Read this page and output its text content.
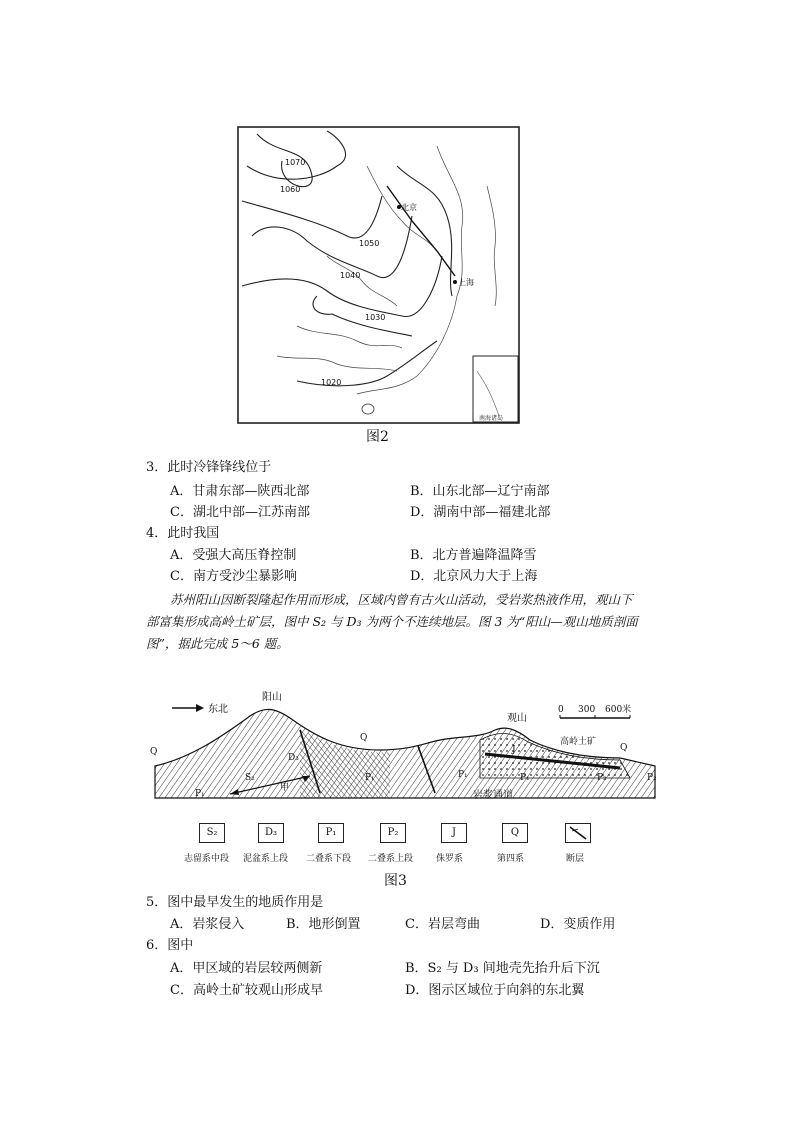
1070
1060
1050
1040
1030
1020
北京
上海
南海诸岛
图2
3．此时冷锋锋线位于
A．甘肃东部—陕西北部	B．山东北部—辽宁南部
C．湖北中部—江苏南部	D．湖南中部—福建北部
4．此时我国
A．受强大高压脊控制	B．北方普遍降温降雪
C．南方受沙尘暴影响	D．北京风力大于上海
苏州阳山因断裂隆起作用而形成，区域内曾有古火山活动，受岩浆热液作用，观山下
部富集形成高岭土矿层，图中 S₂ 与 D₃ 为两个不连续地层。图 3 为“阳山—观山地质剖面
图”，据此完成 5～6 题。
东北
阳山
观山
高岭土矿
岩浆通道
甲
Q
Q
Q
S₂
D₃
P₁
P₁	P₁	P₁	P₂	P₂
J
0 300 600米
S₂
志留系中段
D₃
泥盆系上段
P₁
二叠系下段
P₂
二叠系上段
J
侏罗系
Q
第四系	断层
图3
5．图中最早发生的地质作用是
A．岩浆侵入	B．地形倒置	C．岩层弯曲	D．变质作用
6．图中
A．甲区域的岩层较两侧新	B．S₂ 与 D₃ 间地壳先抬升后下沉
C．高岭土矿较观山形成早	D．图示区域位于向斜的东北翼
